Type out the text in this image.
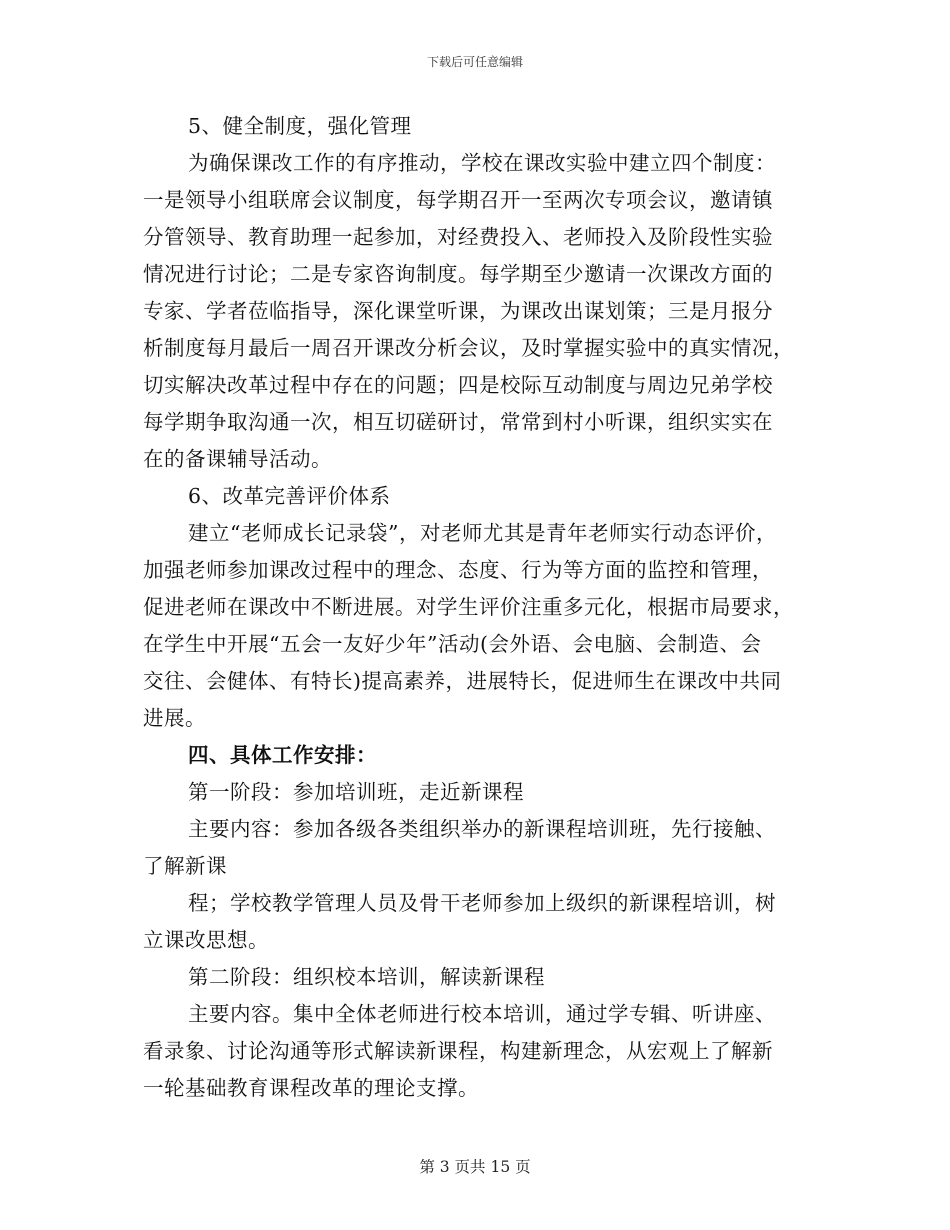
下载后可任意编辑
5、健全制度，强化管理
为确保课改工作的有序推动，学校在课改实验中建立四个制度：
一是领导小组联席会议制度，每学期召开一至两次专项会议，邀请镇
分管领导、教育助理一起参加，对经费投入、老师投入及阶段性实验
情况进行讨论；二是专家咨询制度。每学期至少邀请一次课改方面的
专家、学者莅临指导，深化课堂听课，为课改出谋划策；三是月报分
析制度每月最后一周召开课改分析会议，及时掌握实验中的真实情况，
切实解决改革过程中存在的问题；四是校际互动制度与周边兄弟学校
每学期争取沟通一次，相互切磋研讨，常常到村小听课，组织实实在
在的备课辅导活动。
6、改革完善评价体系
建立“老师成长记录袋”，对老师尤其是青年老师实行动态评价，
加强老师参加课改过程中的理念、态度、行为等方面的监控和管理，
促进老师在课改中不断进展。对学生评价注重多元化，根据市局要求，
在学生中开展“五会一友好少年”活动(会外语、会电脑、会制造、会
交往、会健体、有特长)提高素养，进展特长，促进师生在课改中共同
进展。
四、具体工作安排：
第一阶段：参加培训班，走近新课程
主要内容：参加各级各类组织举办的新课程培训班，先行接触、
了解新课
程；学校教学管理人员及骨干老师参加上级织的新课程培训，树
立课改思想。
第二阶段：组织校本培训，解读新课程
主要内容。集中全体老师进行校本培训，通过学专辑、听讲座、
看录象、讨论沟通等形式解读新课程，构建新理念，从宏观上了解新
一轮基础教育课程改革的理论支撑。
第 3 页共 15 页
